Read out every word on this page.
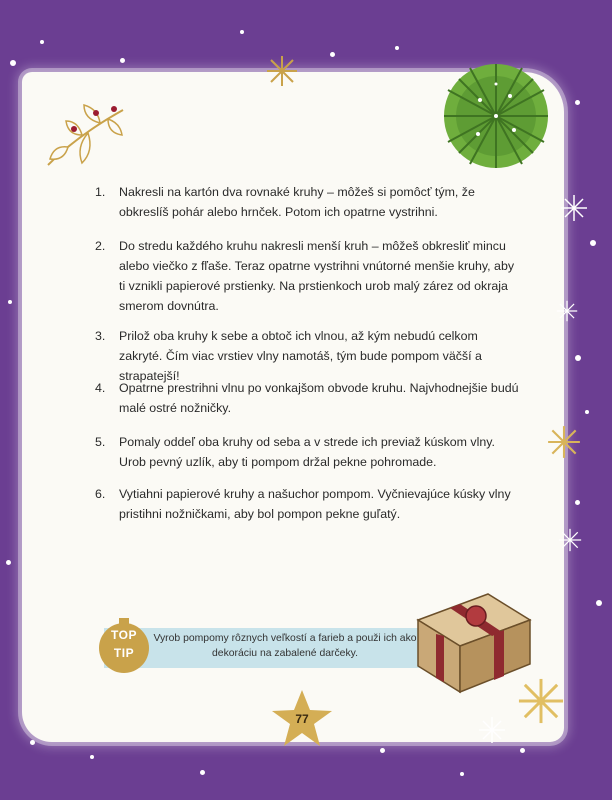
1.	Nakresli na kartón dva rovnaké kruhy – môžeš si pomôcť tým, že obkreslíš pohár alebo hrnček. Potom ich opatrne vystrihni.
2.	Do stredu každého kruhu nakresli menší kruh – môžeš obkresliť mincu alebo viečko z fľaše. Teraz opatrne vystrihni vnútorné menšie kruhy, aby ti vznikli papierové prstienky. Na prstienkoch urob malý zárez od okraja smerom dovnútra.
3.	Prilož oba kruhy k sebe a obtoč ich vlnou, až kým nebudú celkom zakryté. Čím viac vrstiev vlny namotáš, tým bude pompom väčší a strapatejší!
4.	Opatrne prestrihni vlnu po vonkajšom obvode kruhu. Najvhodnejšie budú malé ostré nožničky.
5.	Pomaly oddeľ oba kruhy od seba a v strede ich previaž kúskom vlny. Urob pevný uzlík, aby ti pompom držal pekne pohromade.
6.	Vytiahni papierové kruhy a našuchor pompom. Vyčnievajúce kúsky vlny pristihni nožničkami, aby bol pompon pekne guľatý.
TOP
TIP
Vyrob pompomy rôznych veľkostí a farieb a použi ich ako dekoráciu na zabalené darčeky.
77
